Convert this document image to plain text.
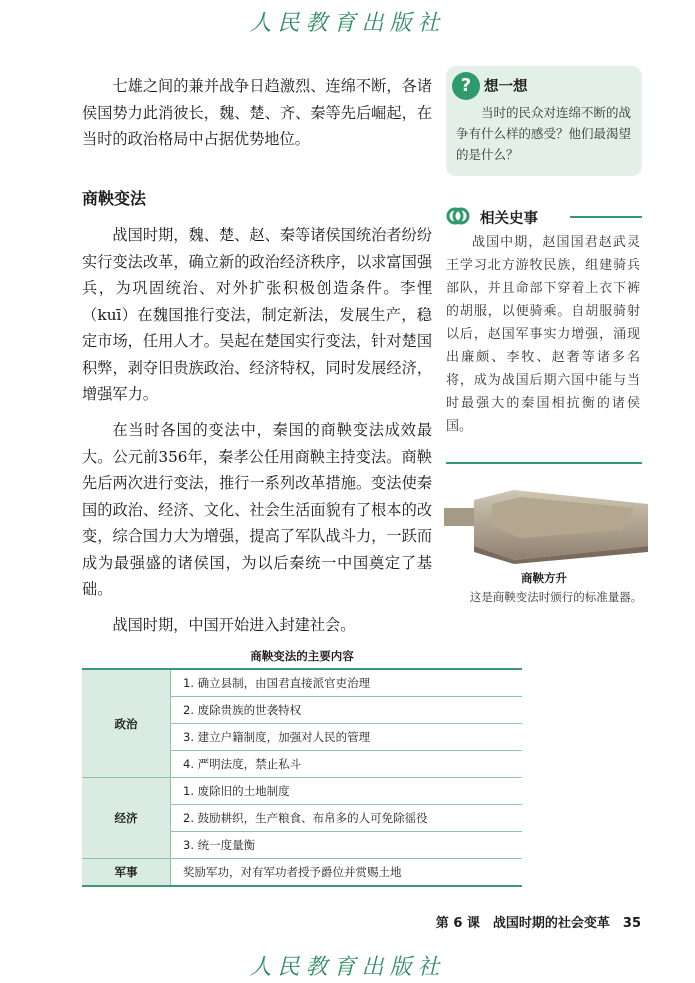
人民教育出版社

七雄之间的兼并战争日趋激烈、连绵不断，各诸侯国势力此消彼长，魏、楚、齐、秦等先后崛起，在当时的政治格局中占据优势地位。

商鞅变法

战国时期，魏、楚、赵、秦等诸侯国统治者纷纷实行变法改革，确立新的政治经济秩序，以求富国强兵，为巩固统治、对外扩张积极创造条件。李悝（kuī）在魏国推行变法，制定新法，发展生产，稳定市场，任用人才。吴起在楚国实行变法，针对楚国积弊，剥夺旧贵族政治、经济特权，同时发展经济，增强军力。

在当时各国的变法中，秦国的商鞅变法成效最大。公元前356年，秦孝公任用商鞅主持变法。商鞅先后两次进行变法，推行一系列改革措施。变法使秦国的政治、经济、文化、社会生活面貌有了根本的改变，综合国力大为增强，提高了军队战斗力，一跃而成为最强盛的诸侯国，为以后秦统一中国奠定了基础。

战国时期，中国开始进入封建社会。

? 想一想

当时的民众对连绵不断的战争有什么样的感受？他们最渴望的是什么？

相关史事

战国中期，赵国国君赵武灵王学习北方游牧民族，组建骑兵部队，并且命部下穿着上衣下裤的胡服，以便骑乘。自胡服骑射以后，赵国军事实力增强，涌现出廉颇、李牧、赵奢等诸多名将，成为战国后期六国中能与当时最强大的秦国相抗衡的诸侯国。

商鞅方升
这是商鞅变法时颁行的标准量器。
商鞅变法的主要内容
政治	1. 确立县制，由国君直接派官吏治理
	2. 废除贵族的世袭特权
	3. 建立户籍制度，加强对人民的管理
	4. 严明法度，禁止私斗
经济	1. 废除旧的土地制度
	2. 鼓励耕织，生产粮食、布帛多的人可免除徭役
	3. 统一度量衡
军事	奖励军功，对有军功者授予爵位并赏赐土地
第 6 课　战国时期的社会变革　35
人民教育出版社
